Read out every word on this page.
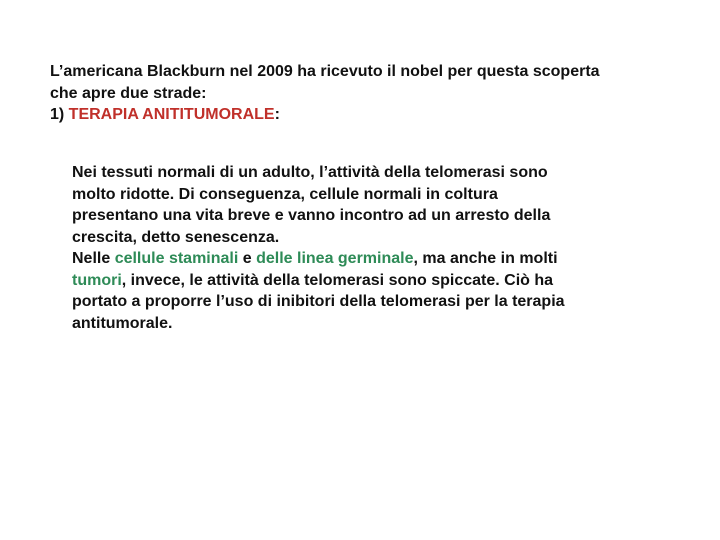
L’americana Blackburn nel 2009 ha ricevuto il nobel per questa scoperta
che apre due strade:
1) TERAPIA ANITITUMORALE:
Nei tessuti normali di un adulto, l’attività della telomerasi sono
molto ridotte. Di conseguenza, cellule normali in coltura
presentano una vita breve e vanno incontro ad un arresto della
crescita, detto senescenza.
Nelle cellule staminali e delle linea germinale, ma anche in molti
tumori, invece, le attività della telomerasi sono spiccate. Ciò ha
portato a proporre l’uso di inibitori della telomerasi per la terapia
antitumorale.
